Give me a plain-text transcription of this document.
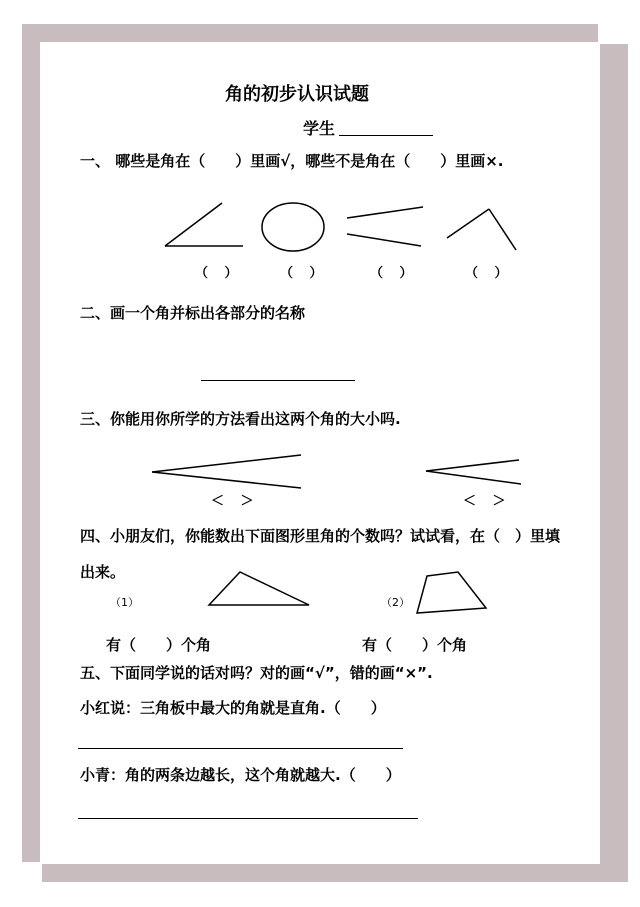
角的初步认识试题
学生
一、 哪些是角在（　　）里画√，哪些不是角在（　　）里画×.
（ ）	（ ）	（ ）	（ ）
二、画一个角并标出各部分的名称
三、你能用你所学的方法看出这两个角的大小吗.
＜ ＞	＜ ＞
四、小朋友们，你能数出下面图形里角的个数吗？试试看，在（　）里填
出来。
（1）	（2）
有（　　）个角	有（　　）个角
五、下面同学说的话对吗？对的画“√”，错的画“×”.
小红说：三角板中最大的角就是直角.（　　）
小青：角的两条边越长，这个角就越大.（　　）
